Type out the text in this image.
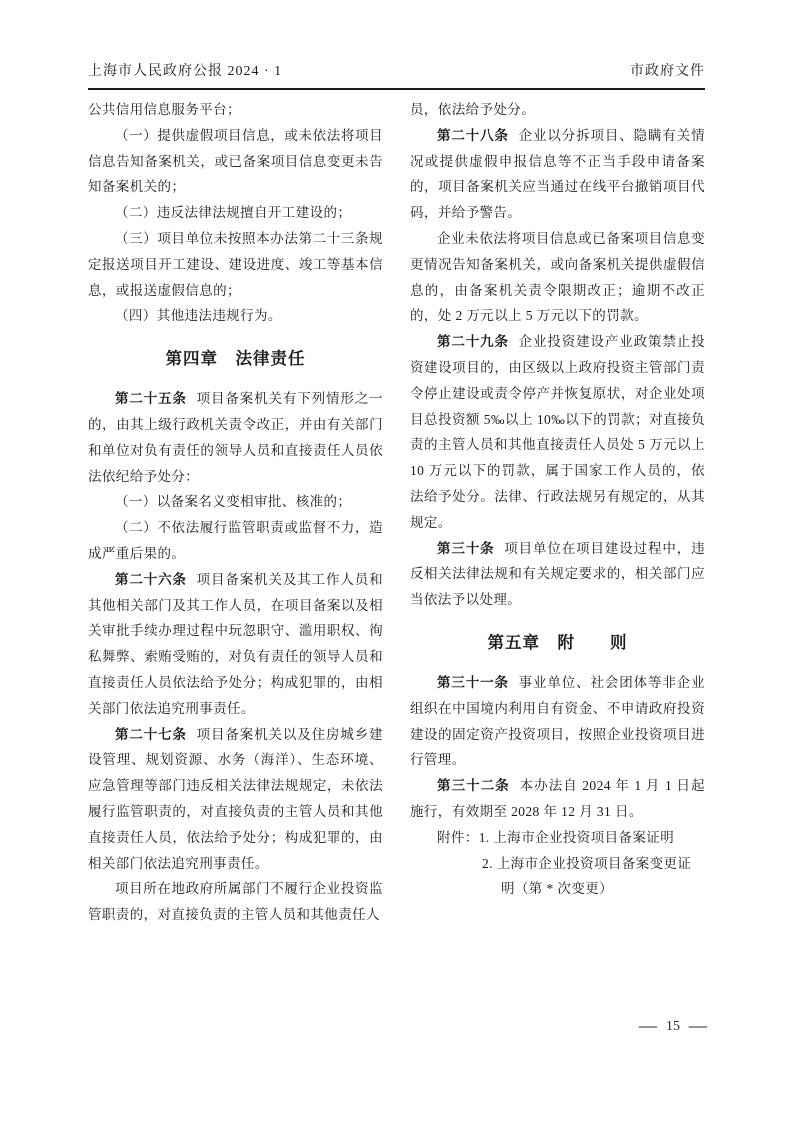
上海市人民政府公报 2024 · 1	市政府文件

公共信用信息服务平台；

（一）提供虚假项目信息，或未依法将项目信息告知备案机关，或已备案项目信息变更未告知备案机关的；

（二）违反法律法规擅自开工建设的；

（三）项目单位未按照本办法第二十三条规定报送项目开工建设、建设进度、竣工等基本信息，或报送虚假信息的；

（四）其他违法违规行为。

第四章　法律责任

第二十五条 项目备案机关有下列情形之一的，由其上级行政机关责令改正，并由有关部门和单位对负有责任的领导人员和直接责任人员依法依纪给予处分：

（一）以备案名义变相审批、核准的；

（二）不依法履行监管职责或监督不力，造成严重后果的。

第二十六条 项目备案机关及其工作人员和其他相关部门及其工作人员，在项目备案以及相关审批手续办理过程中玩忽职守、滥用职权、徇私舞弊、索贿受贿的，对负有责任的领导人员和直接责任人员依法给予处分；构成犯罪的，由相关部门依法追究刑事责任。

第二十七条 项目备案机关以及住房城乡建设管理、规划资源、水务（海洋）、生态环境、应急管理等部门违反相关法律法规规定，未依法履行监管职责的，对直接负责的主管人员和其他直接责任人员，依法给予处分；构成犯罪的，由相关部门依法追究刑事责任。

项目所在地政府所属部门不履行企业投资监管职责的，对直接负责的主管人员和其他责任人

员，依法给予处分。

第二十八条 企业以分拆项目、隐瞒有关情况或提供虚假申报信息等不正当手段申请备案的，项目备案机关应当通过在线平台撤销项目代码，并给予警告。

企业未依法将项目信息或已备案项目信息变更情况告知备案机关，或向备案机关提供虚假信息的，由备案机关责令限期改正；逾期不改正的，处 2 万元以上 5 万元以下的罚款。

第二十九条 企业投资建设产业政策禁止投资建设项目的，由区级以上政府投资主管部门责令停止建设或责令停产并恢复原状，对企业处项目总投资额 5‰以上 10‰以下的罚款；对直接负责的主管人员和其他直接责任人员处 5 万元以上 10 万元以下的罚款，属于国家工作人员的，依法给予处分。法律、行政法规另有规定的，从其规定。

第三十条 项目单位在项目建设过程中，违反相关法律法规和有关规定要求的，相关部门应当依法予以处理。

第五章　附　　则

第三十一条 事业单位、社会团体等非企业组织在中国境内利用自有资金、不申请政府投资建设的固定资产投资项目，按照企业投资项目进行管理。

第三十二条 本办法自 2024 年 1 月 1 日起施行，有效期至 2028 年 12 月 31 日。

附件：1. 上海市企业投资项目备案证明

2. 上海市企业投资项目备案变更证明（第 * 次变更）

— 15 —
